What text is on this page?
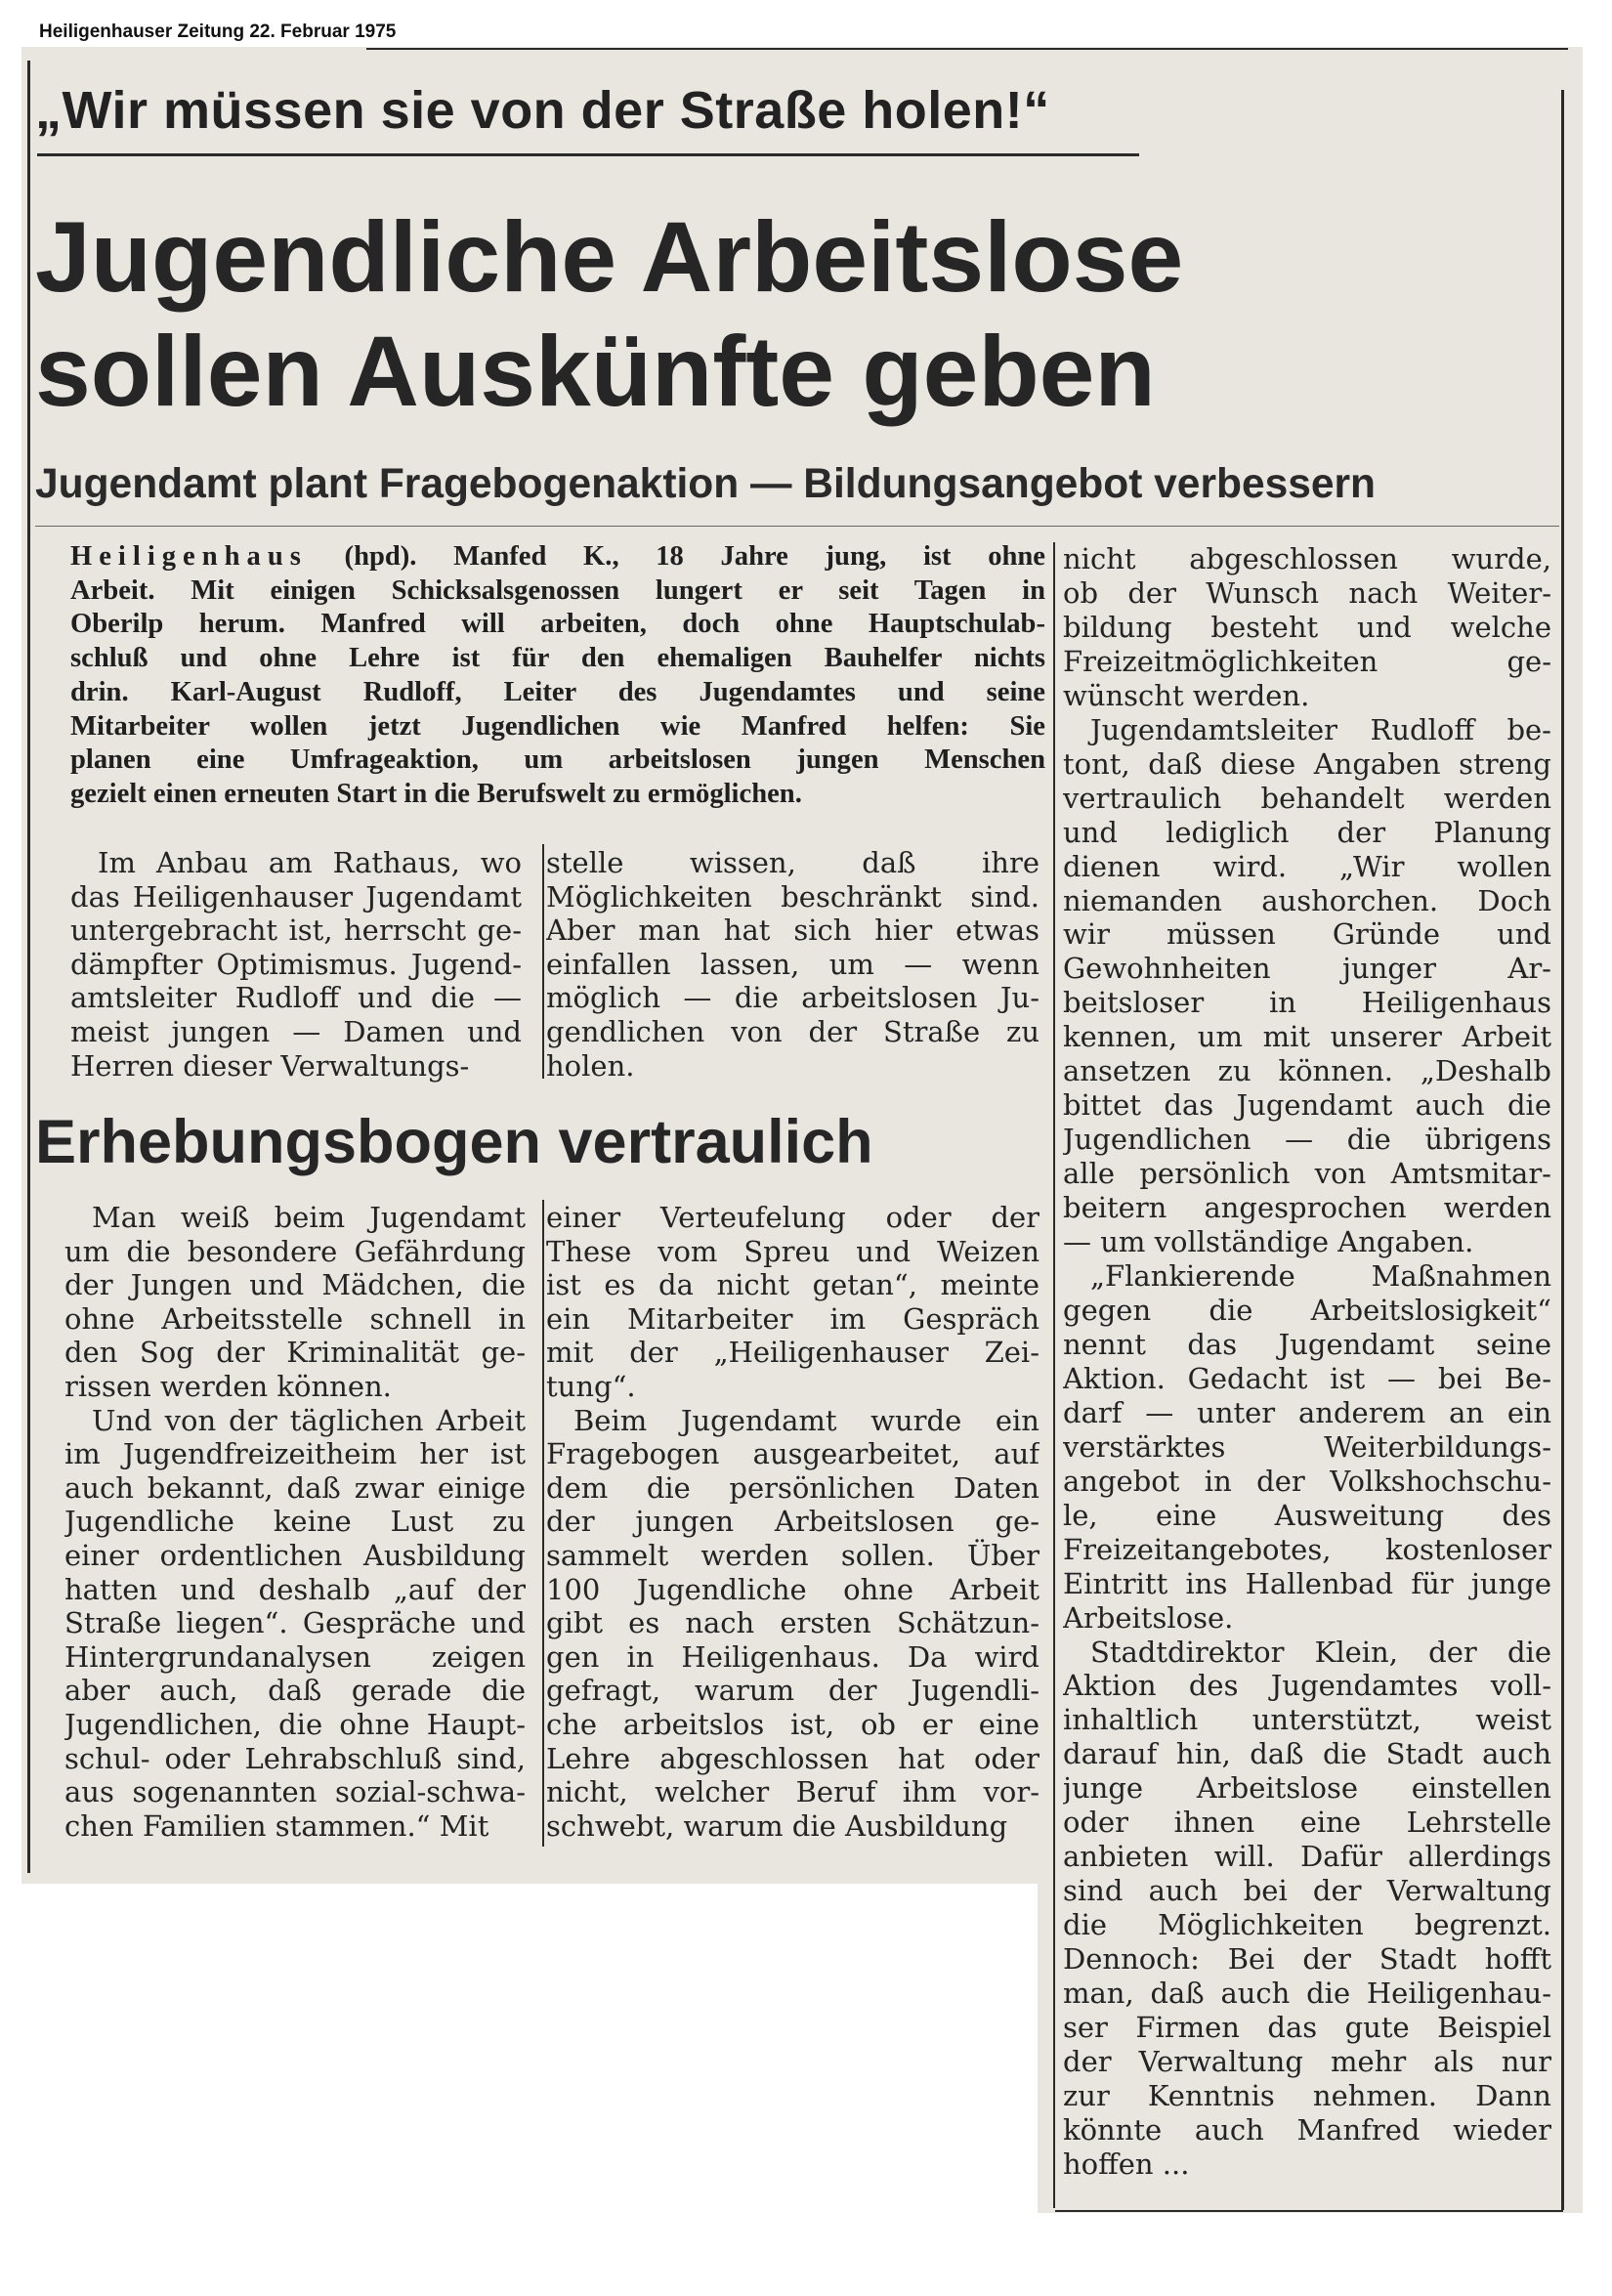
Heiligenhauser Zeitung 22. Februar 1975
„Wir müssen sie von der Straße holen!“
Jugendliche Arbeitslose
sollen Auskünfte geben
Jugendamt plant Fragebogenaktion — Bildungsangebot verbessern
Heiligenhaus (hpd). Manfed K., 18 Jahre jung, ist ohne
Arbeit. Mit einigen Schicksalsgenossen lungert er seit Tagen in
Oberilp herum. Manfred will arbeiten, doch ohne Hauptschulab-
schluß und ohne Lehre ist für den ehemaligen Bauhelfer nichts
drin. Karl-August Rudloff, Leiter des Jugendamtes und seine
Mitarbeiter wollen jetzt Jugendlichen wie Manfred helfen: Sie
planen eine Umfrageaktion, um arbeitslosen jungen Menschen
gezielt einen erneuten Start in die Berufswelt zu ermöglichen.
Im Anbau am Rathaus, wo
das Heiligenhauser Jugendamt
untergebracht ist, herrscht ge-
dämpfter Optimismus. Jugend-
amtsleiter Rudloff und die —
meist jungen — Damen und
Herren dieser Verwaltungs-
stelle wissen, daß ihre
Möglichkeiten beschränkt sind.
Aber man hat sich hier etwas
einfallen lassen, um — wenn
möglich — die arbeitslosen Ju-
gendlichen von der Straße zu
holen.
Erhebungsbogen vertraulich
Man weiß beim Jugendamt
um die besondere Gefährdung
der Jungen und Mädchen, die
ohne Arbeitsstelle schnell in
den Sog der Kriminalität ge-
rissen werden können.
Und von der täglichen Arbeit
im Jugendfreizeitheim her ist
auch bekannt, daß zwar einige
Jugendliche keine Lust zu
einer ordentlichen Ausbildung
hatten und deshalb „auf der
Straße liegen“. Gespräche und
Hintergrundanalysen zeigen
aber auch, daß gerade die
Jugendlichen, die ohne Haupt-
schul- oder Lehrabschluß sind,
aus sogenannten sozial-schwa-
chen Familien stammen.“ Mit
einer Verteufelung oder der
These vom Spreu und Weizen
ist es da nicht getan“, meinte
ein Mitarbeiter im Gespräch
mit der „Heiligenhauser Zei-
tung“.
Beim Jugendamt wurde ein
Fragebogen ausgearbeitet, auf
dem die persönlichen Daten
der jungen Arbeitslosen ge-
sammelt werden sollen. Über
100 Jugendliche ohne Arbeit
gibt es nach ersten Schätzun-
gen in Heiligenhaus. Da wird
gefragt, warum der Jugendli-
che arbeitslos ist, ob er eine
Lehre abgeschlossen hat oder
nicht, welcher Beruf ihm vor-
schwebt, warum die Ausbildung
nicht abgeschlossen wurde,
ob der Wunsch nach Weiter-
bildung besteht und welche
Freizeitmöglichkeiten ge-
wünscht werden.
Jugendamtsleiter Rudloff be-
tont, daß diese Angaben streng
vertraulich behandelt werden
und lediglich der Planung
dienen wird. „Wir wollen
niemanden aushorchen. Doch
wir müssen Gründe und
Gewohnheiten junger Ar-
beitsloser in Heiligenhaus
kennen, um mit unserer Arbeit
ansetzen zu können. „Deshalb
bittet das Jugendamt auch die
Jugendlichen — die übrigens
alle persönlich von Amtsmitar-
beitern angesprochen werden
— um vollständige Angaben.
„Flankierende Maßnahmen
gegen die Arbeitslosigkeit“
nennt das Jugendamt seine
Aktion. Gedacht ist — bei Be-
darf — unter anderem an ein
verstärktes Weiterbildungs-
angebot in der Volkshochschu-
le, eine Ausweitung des
Freizeitangebotes, kostenloser
Eintritt ins Hallenbad für junge
Arbeitslose.
Stadtdirektor Klein, der die
Aktion des Jugendamtes voll-
inhaltlich unterstützt, weist
darauf hin, daß die Stadt auch
junge Arbeitslose einstellen
oder ihnen eine Lehrstelle
anbieten will. Dafür allerdings
sind auch bei der Verwaltung
die Möglichkeiten begrenzt.
Dennoch: Bei der Stadt hofft
man, daß auch die Heiligenhau-
ser Firmen das gute Beispiel
der Verwaltung mehr als nur
zur Kenntnis nehmen. Dann
könnte auch Manfred wieder
hoffen ...
